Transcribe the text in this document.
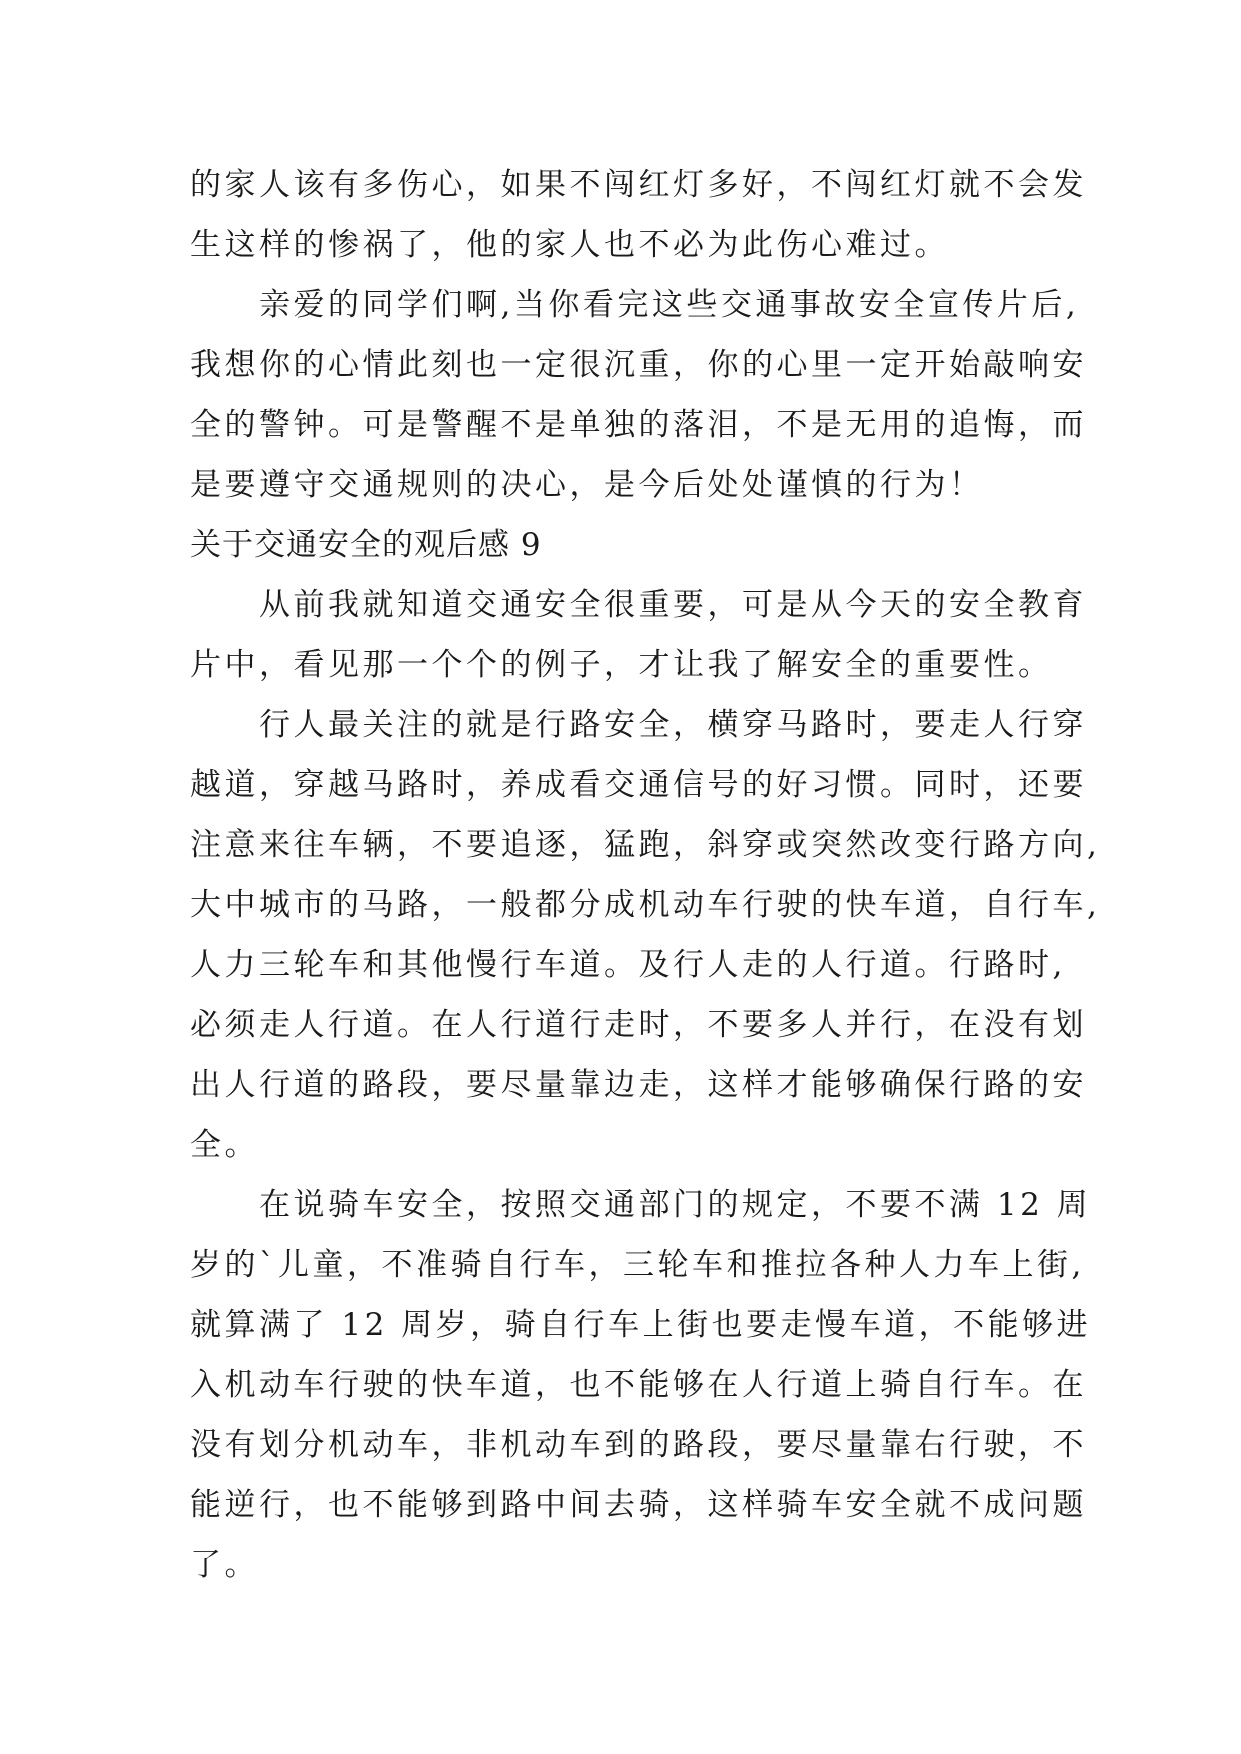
的家人该有多伤心，如果不闯红灯多好，不闯红灯就不会发
生这样的惨祸了，他的家人也不必为此伤心难过。
　　亲爱的同学们啊,当你看完这些交通事故安全宣传片后,
我想你的心情此刻也一定很沉重，你的心里一定开始敲响安
全的警钟。可是警醒不是单独的落泪，不是无用的追悔，而
是要遵守交通规则的决心，是今后处处谨慎的行为！
关于交通安全的观后感 9
　　从前我就知道交通安全很重要，可是从今天的安全教育
片中，看见那一个个的例子，才让我了解安全的重要性。
　　行人最关注的就是行路安全，横穿马路时，要走人行穿
越道，穿越马路时，养成看交通信号的好习惯。同时，还要
注意来往车辆，不要追逐，猛跑，斜穿或突然改变行路方向,
大中城市的马路，一般都分成机动车行驶的快车道，自行车,
人力三轮车和其他慢行车道。及行人走的人行道。行路时,
必须走人行道。在人行道行走时，不要多人并行，在没有划
出人行道的路段，要尽量靠边走，这样才能够确保行路的安
全。
　　在说骑车安全，按照交通部门的规定，不要不满 12 周
岁的`儿童，不准骑自行车，三轮车和推拉各种人力车上街,
就算满了 12 周岁，骑自行车上街也要走慢车道，不能够进
入机动车行驶的快车道，也不能够在人行道上骑自行车。在
没有划分机动车，非机动车到的路段，要尽量靠右行驶，不
能逆行，也不能够到路中间去骑，这样骑车安全就不成问题
了。
